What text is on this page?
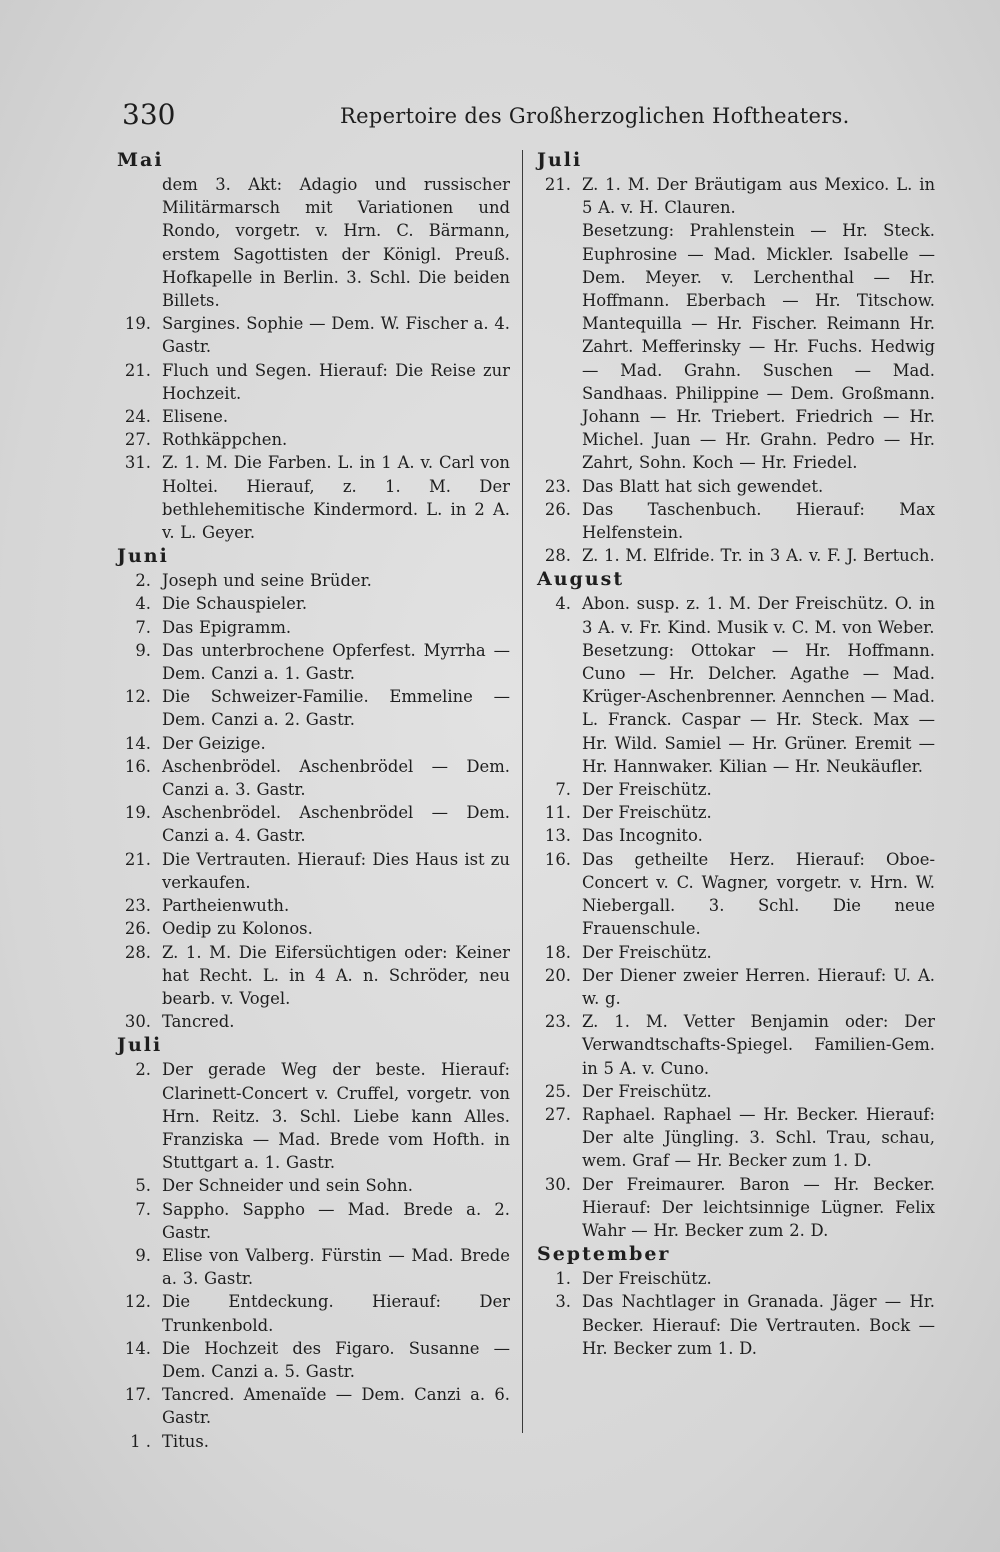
330	Repertoire des Großherzoglichen Hoftheaters.
Mai
dem 3. Akt: Adagio und russischer Militärmarsch mit Variationen und Rondo, vorgetr. v. Hrn. C. Bärmann, erstem Sagottisten der Königl. Preuß. Hofkapelle in Berlin. 3. Schl. Die beiden Billets.
19. Sargines. Sophie — Dem. W. Fischer a. 4. Gastr.
21. Fluch und Segen. Hierauf: Die Reise zur Hochzeit.
24. Elisene.
27. Rothkäppchen.
31. Z. 1. M. Die Farben. L. in 1 A. v. Carl von Holtei. Hierauf, z. 1. M. Der bethlehemitische Kindermord. L. in 2 A. v. L. Geyer.
Juni
2. Joseph und seine Brüder.
4. Die Schauspieler.
7. Das Epigramm.
9. Das unterbrochene Opferfest. Myrrha — Dem. Canzi a. 1. Gastr.
12. Die Schweizer-Familie. Emmeline — Dem. Canzi a. 2. Gastr.
14. Der Geizige.
16. Aschenbrödel. Aschenbrödel — Dem. Canzi a. 3. Gastr.
19. Aschenbrödel. Aschenbrödel — Dem. Canzi a. 4. Gastr.
21. Die Vertrauten. Hierauf: Dies Haus ist zu verkaufen.
23. Partheienwuth.
26. Oedip zu Kolonos.
28. Z. 1. M. Die Eifersüchtigen oder: Keiner hat Recht. L. in 4 A. n. Schröder, neu bearb. v. Vogel.
30. Tancred.
Juli
2. Der gerade Weg der beste. Hierauf: Clarinett-Concert v. Cruffel, vorgetr. von Hrn. Reitz. 3. Schl. Liebe kann Alles. Franziska — Mad. Brede vom Hofth. in Stuttgart a. 1. Gastr.
5. Der Schneider und sein Sohn.
7. Sappho. Sappho — Mad. Brede a. 2. Gastr.
9. Elise von Valberg. Fürstin — Mad. Brede a. 3. Gastr.
12. Die Entdeckung. Hierauf: Der Trunkenbold.
14. Die Hochzeit des Figaro. Susanne — Dem. Canzi a. 5. Gastr.
17. Tancred. Amenaïde — Dem. Canzi a. 6. Gastr.
1 . Titus.
Juli
21. Z. 1. M. Der Bräutigam aus Mexico. L. in 5 A. v. H. Clauren.
Besetzung: Prahlenstein — Hr. Steck. Euphrosine — Mad. Mickler. Isabelle — Dem. Meyer. v. Lerchenthal — Hr. Hoffmann. Eberbach — Hr. Titschow. Mantequilla — Hr. Fischer. Reimann Hr. Zahrt. Mefferinsky — Hr. Fuchs. Hedwig — Mad. Grahn. Suschen — Mad. Sandhaas. Philippine — Dem. Großmann. Johann — Hr. Triebert. Friedrich — Hr. Michel. Juan — Hr. Grahn. Pedro — Hr. Zahrt, Sohn. Koch — Hr. Friedel.
23. Das Blatt hat sich gewendet.
26. Das Taschenbuch. Hierauf: Max Helfenstein.
28. Z. 1. M. Elfride. Tr. in 3 A. v. F. J. Bertuch.
August
4. Abon. susp. z. 1. M. Der Freischütz. O. in 3 A. v. Fr. Kind. Musik v. C. M. von Weber.
Besetzung: Ottokar — Hr. Hoffmann. Cuno — Hr. Delcher. Agathe — Mad. Krüger-Aschenbrenner. Aennchen — Mad. L. Franck. Caspar — Hr. Steck. Max — Hr. Wild. Samiel — Hr. Grüner. Eremit — Hr. Hannwaker. Kilian — Hr. Neukäufler.
7. Der Freischütz.
11. Der Freischütz.
13. Das Incognito.
16. Das getheilte Herz. Hierauf: Oboe-Concert v. C. Wagner, vorgetr. v. Hrn. W. Niebergall. 3. Schl. Die neue Frauenschule.
18. Der Freischütz.
20. Der Diener zweier Herren. Hierauf: U. A. w. g.
23. Z. 1. M. Vetter Benjamin oder: Der Verwandtschafts-Spiegel. Familien-Gem. in 5 A. v. Cuno.
25. Der Freischütz.
27. Raphael. Raphael — Hr. Becker. Hierauf: Der alte Jüngling. 3. Schl. Trau, schau, wem. Graf — Hr. Becker zum 1. D.
30. Der Freimaurer. Baron — Hr. Becker. Hierauf: Der leichtsinnige Lügner. Felix Wahr — Hr. Becker zum 2. D.
September
1. Der Freischütz.
3. Das Nachtlager in Granada. Jäger — Hr. Becker. Hierauf: Die Vertrauten. Bock — Hr. Becker zum 1. D.
